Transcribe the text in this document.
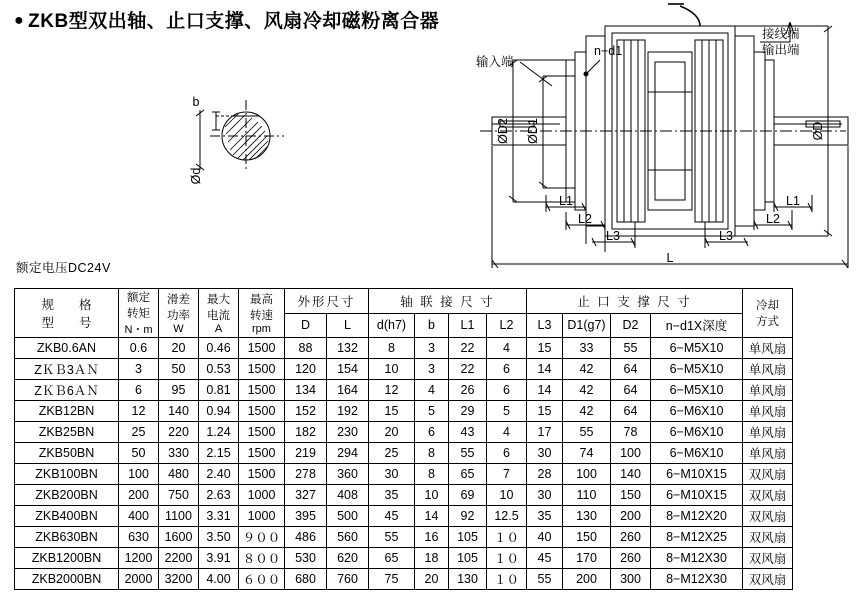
● ZKB型双出轴、止口支撑、风扇冷却磁粉离合器
输入端
n−d1
接线端
输出端
ØD2 ØD1	ØD
b
Ød
L1
L2
L3
L1
L2
L3
L
额定电压DC24V
规　　格
型　　号

额定
转矩
N・m

滑差
功率
W

最大
电流
A

最高
转速
rpm
	外形尺寸	轴 联 接 尺 寸	止 口 支 撑 尺 寸	冷却
方式

					D	L	d(h7)	b	L1	L2	L3	D1(g7)	D2	n−d1X深度	
ZKB0.6AN	0.6	20	0.46	1500	88	132	8	3	22	4	15	33	55	6−M5X10	单风扇
ZＫＢ3ＡＮ	3	50	0.53	1500	120	154	10	3	22	6	14	42	64	6−M5X10	单风扇
ZＫＢ6ＡＮ	6	95	0.81	1500	134	164	12	4	26	6	14	42	64	6−M5X10	单风扇
ZKB12BN	12	140	0.94	1500	152	192	15	5	29	5	15	42	64	6−M6X10	单风扇
ZKB25BN	25	220	1.24	1500	182	230	20	6	43	4	17	55	78	6−M6X10	单风扇
ZKB50BN	50	330	2.15	1500	219	294	25	8	55	6	30	74	100	6−M6X10	单风扇
ZKB100BN	100	480	2.40	1500	278	360	30	8	65	7	28	100	140	6−M10X15	双风扇
ZKB200BN	200	750	2.63	1000	327	408	35	10	69	10	30	110	150	6−M10X15	双风扇
ZKB400BN	400	1100	3.31	1000	395	500	45	14	92	12.5	35	130	200	8−M12X20	双风扇
ZKB630BN	630	1600	3.50	９００	486	560	55	16	105	１０	40	150	260	8−M12X25	双风扇
ZKB1200BN	1200	2200	3.91	８００	530	620	65	18	105	１０	45	170	260	8−M12X30	双风扇
ZKB2000BN	2000	3200	4.00	６００	680	760	75	20	130	１０	55	200	300	8−M12X30	双风扇
